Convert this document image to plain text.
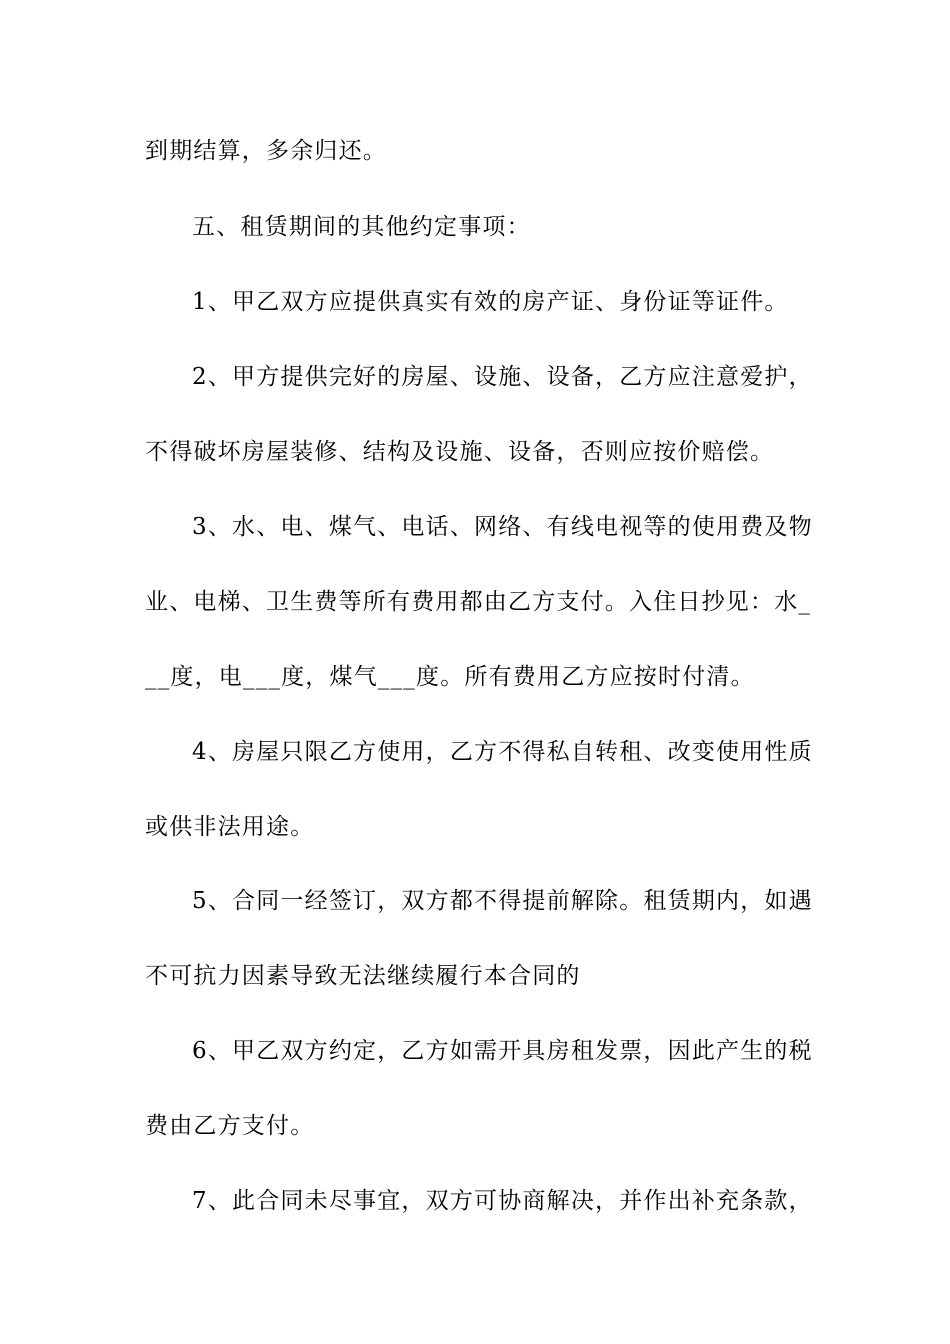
到期结算，多余归还。
五、租赁期间的其他约定事项：
1、甲乙双方应提供真实有效的房产证、身份证等证件。
2、甲方提供完好的房屋、设施、设备，乙方应注意爱护，
不得破坏房屋装修、结构及设施、设备，否则应按价赔偿。
3、水、电、煤气、电话、网络、有线电视等的使用费及物
业、电梯、卫生费等所有费用都由乙方支付。入住日抄见：水_
__度，电___度，煤气___度。所有费用乙方应按时付清。
4、房屋只限乙方使用，乙方不得私自转租、改变使用性质
或供非法用途。
5、合同一经签订，双方都不得提前解除。租赁期内，如遇
不可抗力因素导致无法继续履行本合同的
6、甲乙双方约定，乙方如需开具房租发票，因此产生的税
费由乙方支付。
7、此合同未尽事宜，双方可协商解决，并作出补充条款，
